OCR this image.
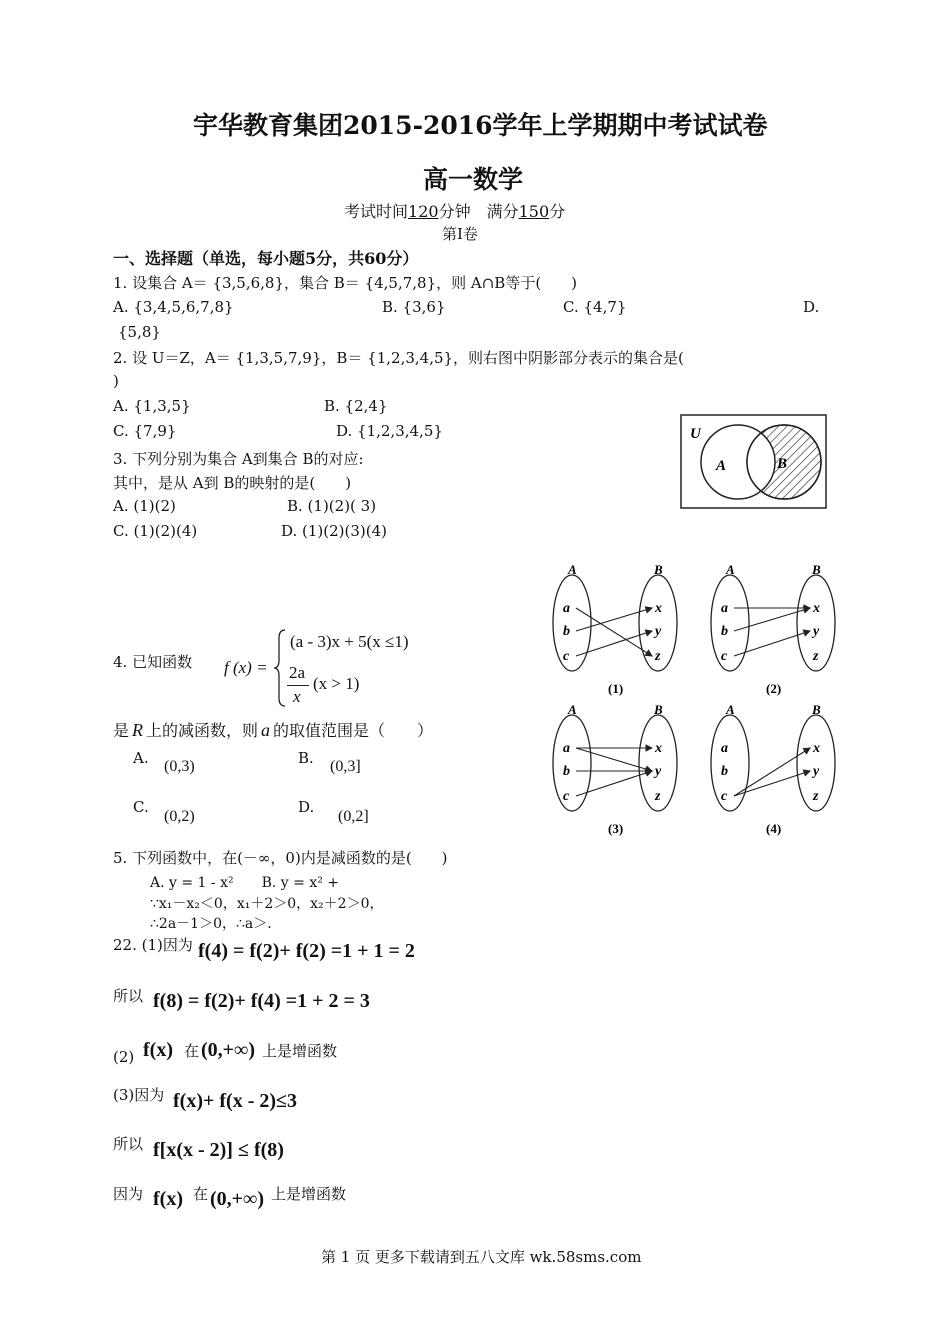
宇华教育集团2015-2016学年上学期期中考试试卷
高一数学
考试时间120分钟　满分150分
第Ⅰ卷
一、选择题（单选，每小题5分，共60分）
1. 设集合 A＝ {3,5,6,8}，集合 B＝ {4,5,7,8}，则 A∩B等于(　　)
A. {3,4,5,6,7,8}	B. {3,6}	C. {4,7}	D.
{5,8}
2. 设 U＝Z，A＝ {1,3,5,7,9}，B＝ {1,2,3,4,5}，则右图中阴影部分表示的集合是(
)
A. {1,3,5}	B. {2,4}
C. {7,9}	D. {1,2,3,4,5}	U
A	B
3. 下列分别为集合 A到集合 B的对应:
其中，是从 A到 B的映射的是(　　)
A. (1)(2)	B. (1)(2)( 3)
C. (1)(2)(4)	D. (1)(2)(3)(4)
A	B
a	x
b	y
c	z
(1)
A	B
a	x
b	y
c	z
(2)
A	B
a	x
b	y
c	z
(3)
A	B
a	x
b	y
c	z
(4)
4. 已知函数 f (x) =
(a - 3)x + 5(x ≤1)
2a
x
(x > 1)
是 R 上的减函数，则 a 的取值范围是（　　）
A. (0,3)	B. (0,3]
C.
(0,2)
D.
(0,2]
5. 下列函数中，在(－∞，0)内是减函数的是(　　)
A. y = 1 - x²　　B. y = x² +
∵x₁－x₂＜0，x₁＋2＞0，x₂＋2＞0，
∴2a－1＞0，∴a＞.
22. (1)因为 f(4) = f(2)+ f(2) =1 + 1 = 2
所以 f(8) = f(2)+ f(4) =1 + 2 = 3
(2) f(x) 在 (0,+∞) 上是增函数
(3)因为 f(x)+ f(x - 2)≤3
所以 f[x(x - 2)] ≤ f(8)
因为 f(x) 在 (0,+∞) 上是增函数
第 1 页 更多下载请到五八文库 wk.58sms.com
